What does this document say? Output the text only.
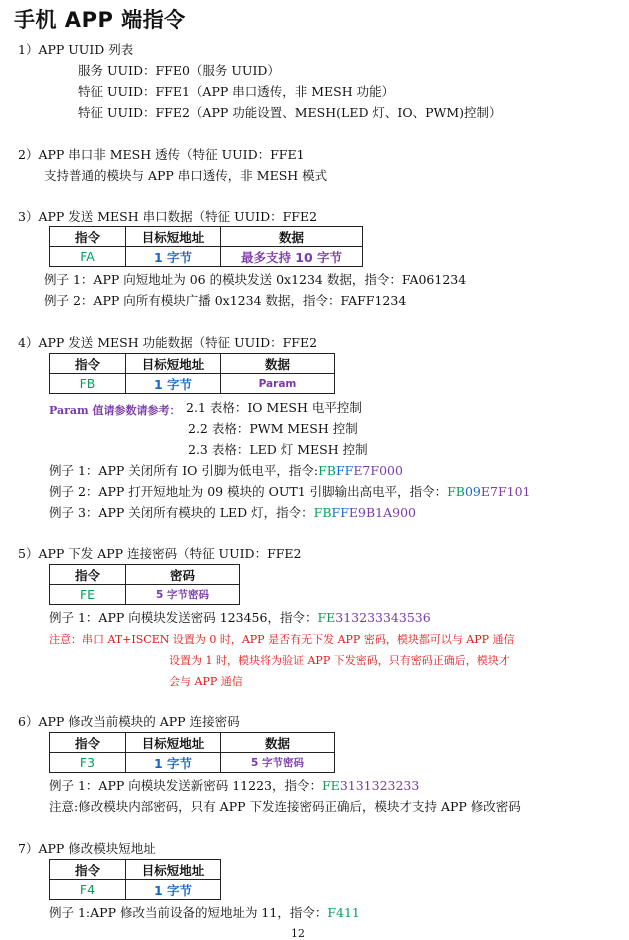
手机 APP 端指令
1）APP UUID 列表
服务 UUID：FFE0（服务 UUID）
特征 UUID：FFE1（APP 串口透传，非 MESH 功能）
特征 UUID：FFE2（APP 功能设置、MESH(LED 灯、IO、PWM)控制）
2）APP 串口非 MESH 透传（特征 UUID：FFE1
支持普通的模块与 APP 串口透传，非 MESH 模式
3）APP 发送 MESH 串口数据（特征 UUID：FFE2
指令	目标短地址	数据
FA	1 字节	最多支持 10 字节
例子 1：APP 向短地址为 06 的模块发送 0x1234 数据，指令：FA061234
例子 2：APP 向所有模块广播 0x1234 数据，指令：FAFF1234
4）APP 发送 MESH 功能数据（特征 UUID：FFE2
指令	目标短地址	数据
FB	1 字节	Param
Param 值请参数请参考： 2.1 表格：IO MESH 电平控制
2.2 表格：PWM MESH 控制
2.3 表格：LED 灯 MESH 控制
例子 1：APP 关闭所有 IO 引脚为低电平，指令:FBFFE7F000
例子 2：APP 打开短地址为 09 模块的 OUT1 引脚输出高电平，指令：FB09E7F101
例子 3：APP 关闭所有模块的 LED 灯，指令：FBFFE9B1A900
5）APP 下发 APP 连接密码（特征 UUID：FFE2
指令	密码
FE	5 字节密码
例子 1：APP 向模块发送密码 123456，指令：FE313233343536
注意：串口 AT+ISCEN 设置为 0 时，APP 是否有无下发 APP 密码，模块都可以与 APP 通信
设置为 1 时，模块将为验证 APP 下发密码，只有密码正确后，模块才
会与 APP 通信
6）APP 修改当前模块的 APP 连接密码
指令	目标短地址	数据
F3	1 字节	5 字节密码
例子 1：APP 向模块发送新密码 11223，指令：FE3131323233
注意:修改模块内部密码，只有 APP 下发连接密码正确后，模块才支持 APP 修改密码
7）APP 修改模块短地址
指令	目标短地址
F4	1 字节
例子 1:APP 修改当前设备的短地址为 11，指令：F411
12
